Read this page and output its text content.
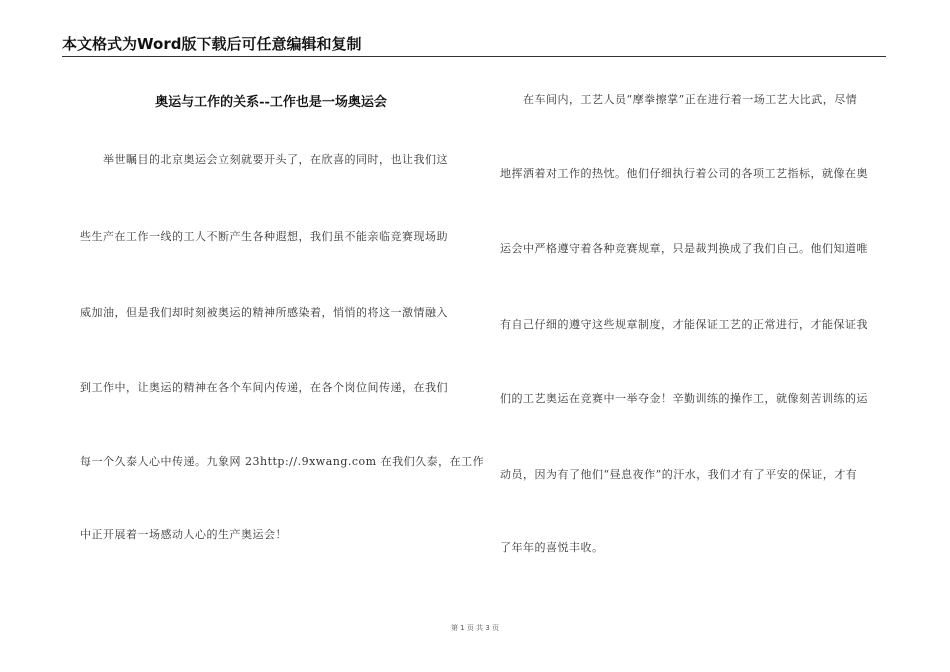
本文格式为Word版下载后可任意编辑和复制
奥运与工作的关系--工作也是一场奥运会
　　举世瞩目的北京奥运会立刻就要开头了，在欣喜的同时，也让我们这
些生产在工作一线的工人不断产生各种遐想，我们虽不能亲临竞赛现场助
威加油，但是我们却时刻被奥运的精神所感染着，悄悄的将这一激情融入
到工作中，让奥运的精神在各个车间内传递，在各个岗位间传递，在我们
每一个久泰人心中传递。九象网 23http://.9xwang.com 在我们久泰，在工作
中正开展着一场感动人心的生产奥运会！
　　在车间内，工艺人员“摩拳擦掌”正在进行着一场工艺大比武，尽情
地挥洒着对工作的热忱。他们仔细执行着公司的各项工艺指标，就像在奥
运会中严格遵守着各种竞赛规章，只是裁判换成了我们自己。他们知道唯
有自己仔细的遵守这些规章制度，才能保证工艺的正常进行，才能保证我
们的工艺奥运在竞赛中一举夺金！辛勤训练的操作工，就像刻苦训练的运
动员，因为有了他们“昼息夜作”的汗水，我们才有了平安的保证，才有
了年年的喜悦丰收。
第 1 页 共 3 页
